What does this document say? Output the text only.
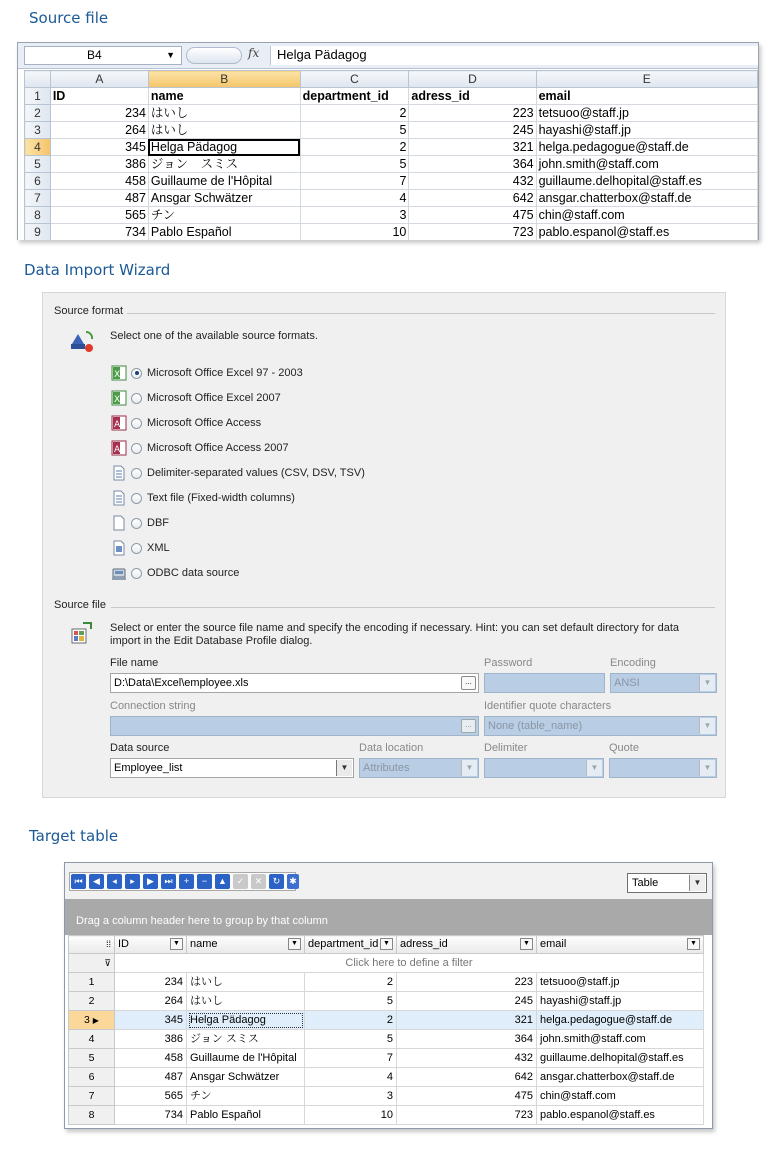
Source file
B4	▼	fx	Helga Pädagog
	A	B	C	D	E
1	ID	name	department_id	adress_id	email
2	234	はいし	2	223	tetsuoo@staff.jp
3	264	はいし	5	245	hayashi@staff.jp
4	345	Helga Pädagog	2	321	helga.pedagogue@staff.de
5	386	ジョン　スミス	5	364	john.smith@staff.com
6	458	Guillaume de l'Hôpital	7	432	guillaume.delhopital@staff.es
7	487	Ansgar Schwätzer	4	642	ansgar.chatterbox@staff.de
8	565	チン	3	475	chin@staff.com
9	734	Pablo Español	10	723	pablo.espanol@staff.es
Data Import Wizard
Source format
Select one of the available source formats.
X Microsoft Office Excel 97 - 2003
X Microsoft Office Excel 2007
A Microsoft Office Access
A Microsoft Office Access 2007
Delimiter-separated values (CSV, DSV, TSV)
Text file (Fixed-width columns)
DBF
XML
ODBC data source
Source file
Select or enter the source file name and specify the encoding if necessary. Hint: you can set default directory for data
import in the Edit Database Profile dialog.
File name	Password	Encoding
D:\Data\Excel\employee.xls	...	ANSI	▼
Connection string	Identifier quote characters
...	None (table_name)	▼
Data source	Data location	Delimiter	Quote
Employee_list	▼	Attributes	▼	▼	▼
Target table
⏮	◀	◂	▸	▶	⏭	+	−	▲	✓	✕	↻ ✱	Table	▼
Drag a column header here to group by that column
⁞⁞	ID ▼	name ▼	department_id ▼	adress_id ▼	email ▼

⊽	Click here to define a filter				
1	234	はいし	2	223	tetsuoo@staff.jp
2	264	はいし	5	245	hayashi@staff.jp
3 ▶	345	Helga Pädagog	2	321	helga.pedagogue@staff.de
4	386	ジョン スミス	5	364	john.smith@staff.com
5	458	Guillaume de l'Hôpital	7	432	guillaume.delhopital@staff.es
6	487	Ansgar Schwätzer	4	642	ansgar.chatterbox@staff.de
7	565	チン	3	475	chin@staff.com
8	734	Pablo Español	10	723	pablo.espanol@staff.es
